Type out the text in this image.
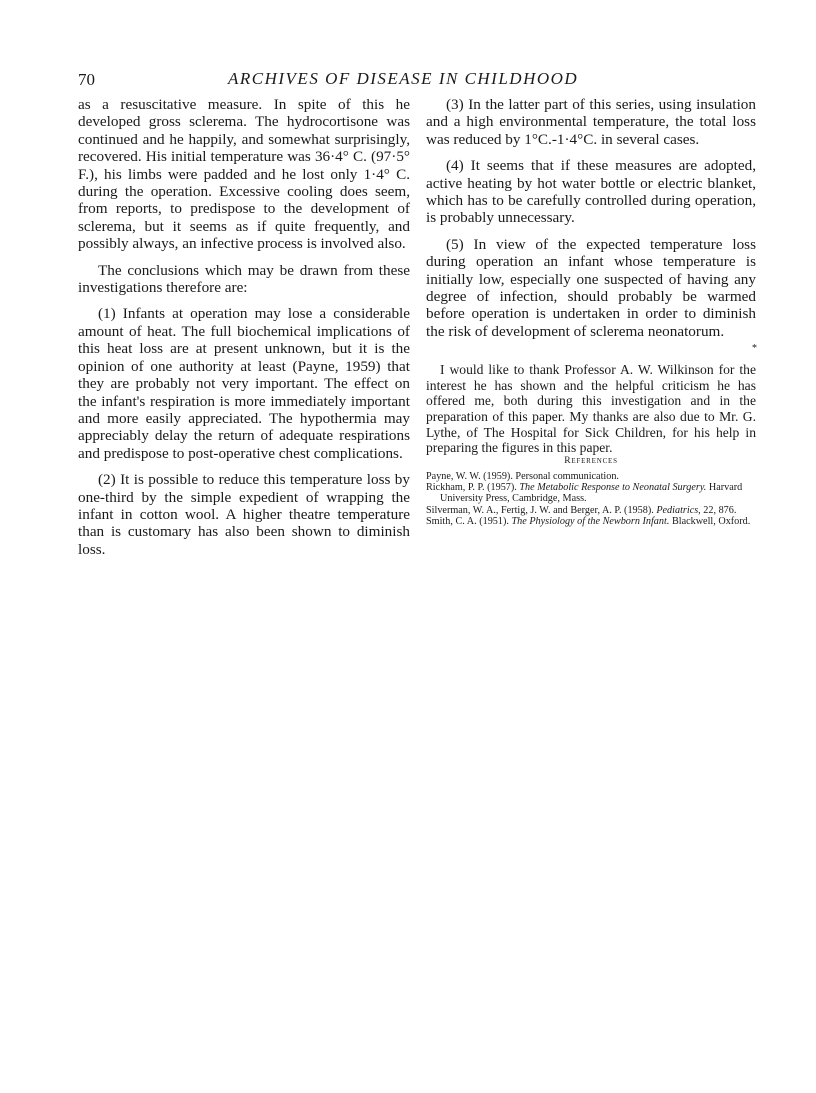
70	ARCHIVES OF DISEASE IN CHILDHOOD

as a resuscitative measure. In spite of this he developed gross sclerema. The hydrocortisone was continued and he happily, and somewhat surprisingly, recovered. His initial temperature was 36·4° C. (97·5° F.), his limbs were padded and he lost only 1·4° C. during the operation. Excessive cooling does seem, from reports, to predispose to the development of sclerema, but it seems as if quite frequently, and possibly always, an infective process is involved also.

The conclusions which may be drawn from these investigations therefore are:

(1) Infants at operation may lose a considerable amount of heat. The full biochemical implications of this heat loss are at present unknown, but it is the opinion of one authority at least (Payne, 1959) that they are probably not very important. The effect on the infant's respiration is more immediately important and more easily appreciated. The hypothermia may appreciably delay the return of adequate respirations and predispose to post-operative chest complications.

(2) It is possible to reduce this temperature loss by one-third by the simple expedient of wrapping the infant in cotton wool. A higher theatre temperature than is customary has also been shown to diminish loss.

(3) In the latter part of this series, using insulation and a high environmental temperature, the total loss was reduced by 1°C.-1·4°C. in several cases.

(4) It seems that if these measures are adopted, active heating by hot water bottle or electric blanket, which has to be carefully controlled during operation, is probably unnecessary.

(5) In view of the expected temperature loss during operation an infant whose temperature is initially low, especially one suspected of having any degree of infection, should probably be warmed before operation is undertaken in order to diminish the risk of development of sclerema neonatorum.

I would like to thank Professor A. W. Wilkinson for the interest he has shown and the helpful criticism he has offered me, both during this investigation and in the preparation of this paper. My thanks are also due to Mr. G. Lythe, of The Hospital for Sick Children, for his help in preparing the figures in this paper.

*
References

Payne, W. W. (1959). Personal communication.

Rickham, P. P. (1957). The Metabolic Response to Neonatal Surgery. Harvard University Press, Cambridge, Mass.

Silverman, W. A., Fertig, J. W. and Berger, A. P. (1958). Pediatrics, 22, 876.

Smith, C. A. (1951). The Physiology of the Newborn Infant. Blackwell, Oxford.
